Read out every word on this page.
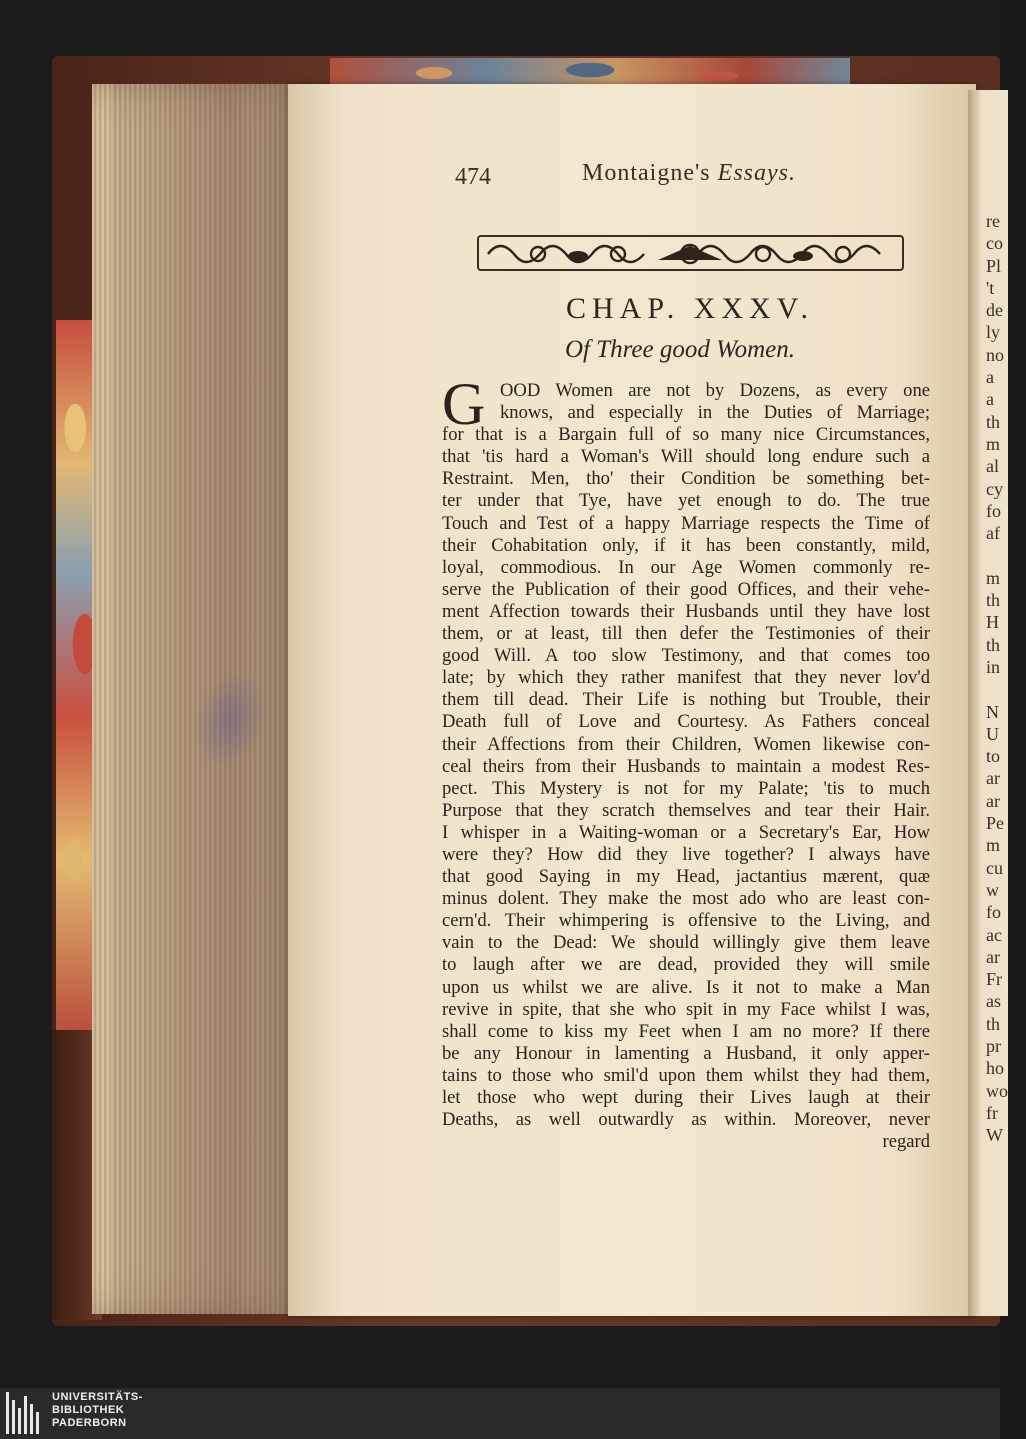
re
co
Pl
't
de
ly
no
a
a
th
m
al
cy
fo
af
m
th
H
th
in
N
U
to
ar
ar
Pe
m
cu
w
fo
ac
ar
Fr
as
th
pr
ho
wo
fr
W
474	Montaigne's Essays.
CHAP. XXXV.
Of Three good Women.
G OOD Women are not by Dozens, as every one
knows, and especially in the Duties of Marriage;
for that is a Bargain full of so many nice Circumstances,
that 'tis hard a Woman's Will should long endure such a
Restraint. Men, tho' their Condition be something bet-
ter under that Tye, have yet enough to do. The true
Touch and Test of a happy Marriage respects the Time of
their Cohabitation only, if it has been constantly, mild,
loyal, commodious. In our Age Women commonly re-
serve the Publication of their good Offices, and their vehe-
ment Affection towards their Husbands until they have lost
them, or at least, till then defer the Testimonies of their
good Will. A too slow Testimony, and that comes too
late; by which they rather manifest that they never lov'd
them till dead. Their Life is nothing but Trouble, their
Death full of Love and Courtesy. As Fathers conceal
their Affections from their Children, Women likewise con-
ceal theirs from their Husbands to maintain a modest Res-
pect. This Mystery is not for my Palate; 'tis to much
Purpose that they scratch themselves and tear their Hair.
I whisper in a Waiting-woman or a Secretary's Ear, How
were they? How did they live together? I always have
that good Saying in my Head, jactantius mærent, quæ
minus dolent. They make the most ado who are least con-
cern'd. Their whimpering is offensive to the Living, and
vain to the Dead: We should willingly give them leave
to laugh after we are dead, provided they will smile
upon us whilst we are alive. Is it not to make a Man
revive in spite, that she who spit in my Face whilst I was,
shall come to kiss my Feet when I am no more? If there
be any Honour in lamenting a Husband, it only apper-
tains to those who smil'd upon them whilst they had them,
let those who wept during their Lives laugh at their
Deaths, as well outwardly as within. Moreover, never
regard
UNIVERSITÄTS-
BIBLIOTHEK
PADERBORN
